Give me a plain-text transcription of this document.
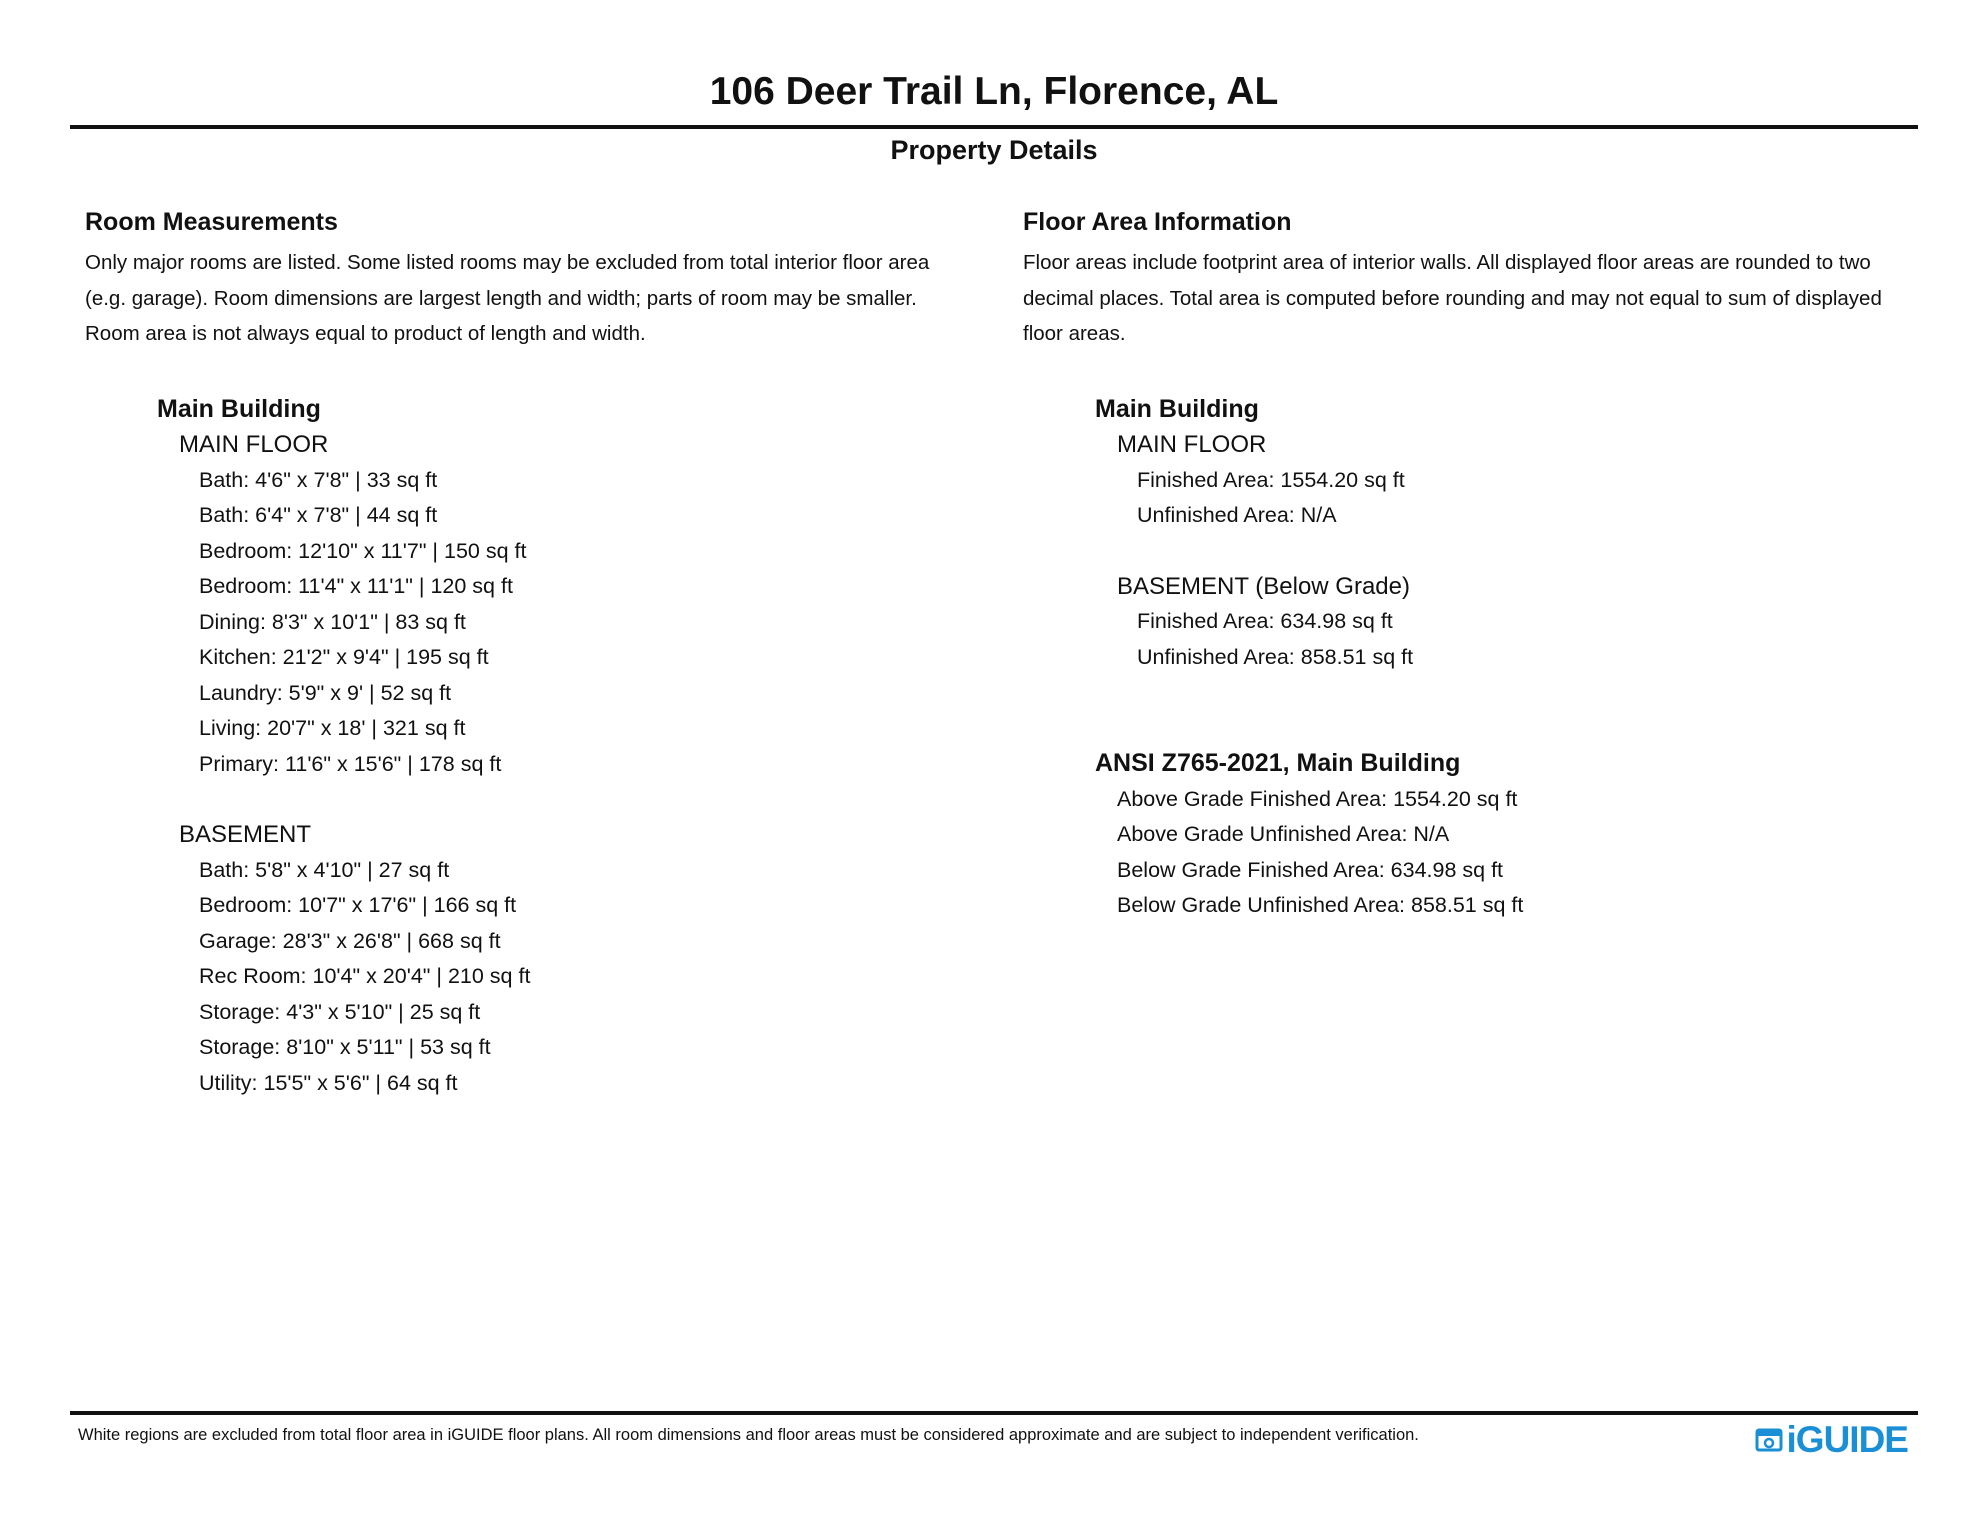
106 Deer Trail Ln, Florence, AL
Property Details
Room Measurements
Only major rooms are listed. Some listed rooms may be excluded from total interior floor area
(e.g. garage). Room dimensions are largest length and width; parts of room may be smaller.
Room area is not always equal to product of length and width.
Main Building
MAIN FLOOR
Bath: 4'6" x 7'8" | 33 sq ft
Bath: 6'4" x 7'8" | 44 sq ft
Bedroom: 12'10" x 11'7" | 150 sq ft
Bedroom: 11'4" x 11'1" | 120 sq ft
Dining: 8'3" x 10'1" | 83 sq ft
Kitchen: 21'2" x 9'4" | 195 sq ft
Laundry: 5'9" x 9' | 52 sq ft
Living: 20'7" x 18' | 321 sq ft
Primary: 11'6" x 15'6" | 178 sq ft
BASEMENT
Bath: 5'8" x 4'10" | 27 sq ft
Bedroom: 10'7" x 17'6" | 166 sq ft
Garage: 28'3" x 26'8" | 668 sq ft
Rec Room: 10'4" x 20'4" | 210 sq ft
Storage: 4'3" x 5'10" | 25 sq ft
Storage: 8'10" x 5'11" | 53 sq ft
Utility: 15'5" x 5'6" | 64 sq ft
Floor Area Information
Floor areas include footprint area of interior walls. All displayed floor areas are rounded to two
decimal places. Total area is computed before rounding and may not equal to sum of displayed
floor areas.
Main Building
MAIN FLOOR
Finished Area: 1554.20 sq ft
Unfinished Area: N/A
BASEMENT (Below Grade)
Finished Area: 634.98 sq ft
Unfinished Area: 858.51 sq ft
ANSI Z765-2021, Main Building
Above Grade Finished Area: 1554.20 sq ft
Above Grade Unfinished Area: N/A
Below Grade Finished Area: 634.98 sq ft
Below Grade Unfinished Area: 858.51 sq ft
White regions are excluded from total floor area in iGUIDE floor plans. All room dimensions and floor areas must be considered approximate and are subject to independent verification.	iGUIDE
